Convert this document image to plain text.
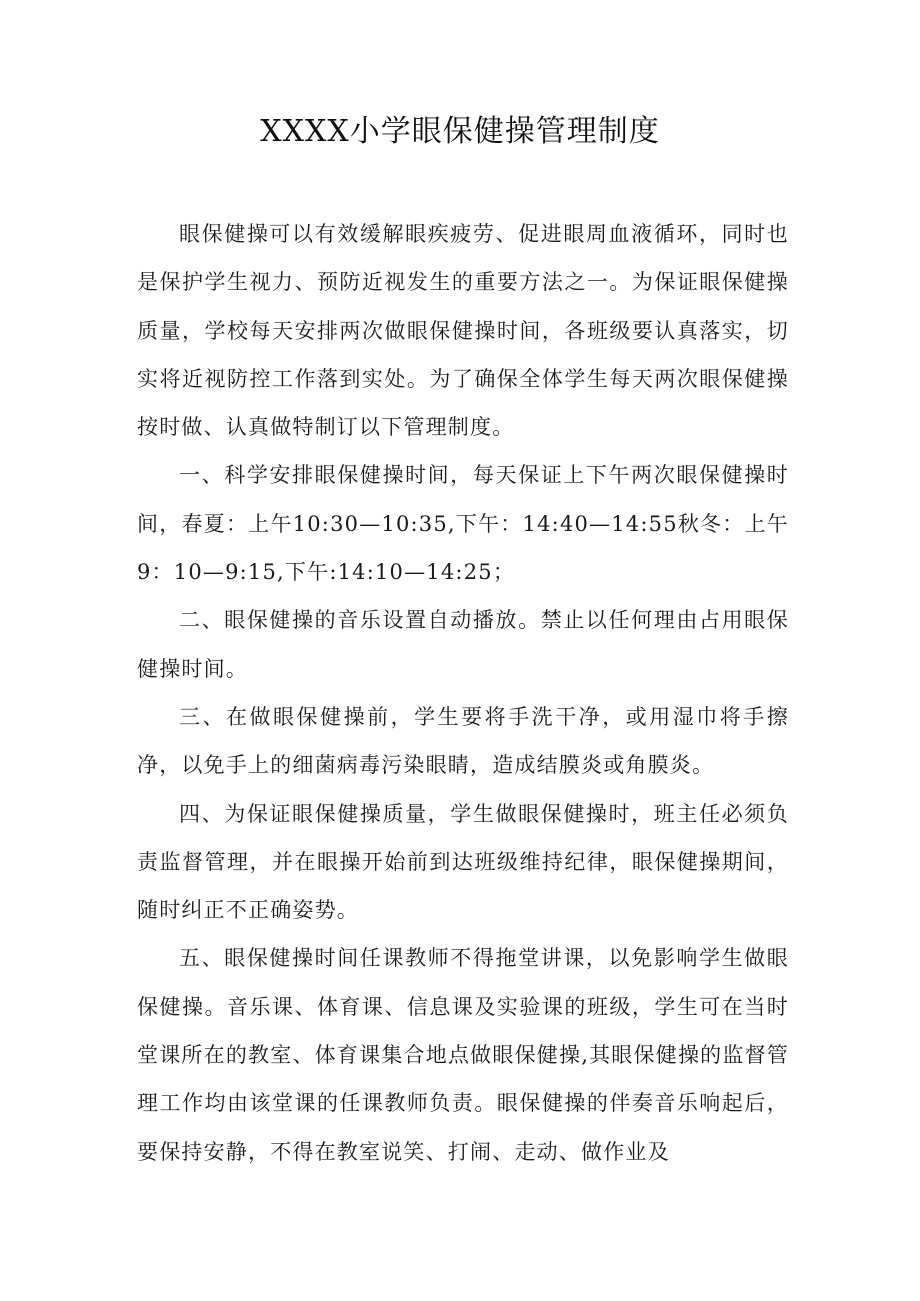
XXXX小学眼保健操管理制度

眼保健操可以有效缓解眼疾疲劳、促进眼周血液循环，同时也是保护学生视力、预防近视发生的重要方法之一。为保证眼保健操质量，学校每天安排两次做眼保健操时间，各班级要认真落实，切实将近视防控工作落到实处。为了确保全体学生每天两次眼保健操按时做、认真做特制订以下管理制度。

一、科学安排眼保健操时间，每天保证上下午两次眼保健操时间，春夏：上午10:30—10:35,下午：14:40—14:55秋冬：上午9：10—9:15,下午:14:10—14:25；

二、眼保健操的音乐设置自动播放。禁止以任何理由占用眼保健操时间。

三、在做眼保健操前，学生要将手洗干净，或用湿巾将手擦净，以免手上的细菌病毒污染眼睛，造成结膜炎或角膜炎。

四、为保证眼保健操质量，学生做眼保健操时，班主任必须负责监督管理，并在眼操开始前到达班级维持纪律，眼保健操期间，随时纠正不正确姿势。

五、眼保健操时间任课教师不得拖堂讲课，以免影响学生做眼保健操。音乐课、体育课、信息课及实验课的班级，学生可在当时堂课所在的教室、体育课集合地点做眼保健操,其眼保健操的监督管理工作均由该堂课的任课教师负责。眼保健操的伴奏音乐响起后，要保持安静，不得在教室说笑、打闹、走动、做作业及
